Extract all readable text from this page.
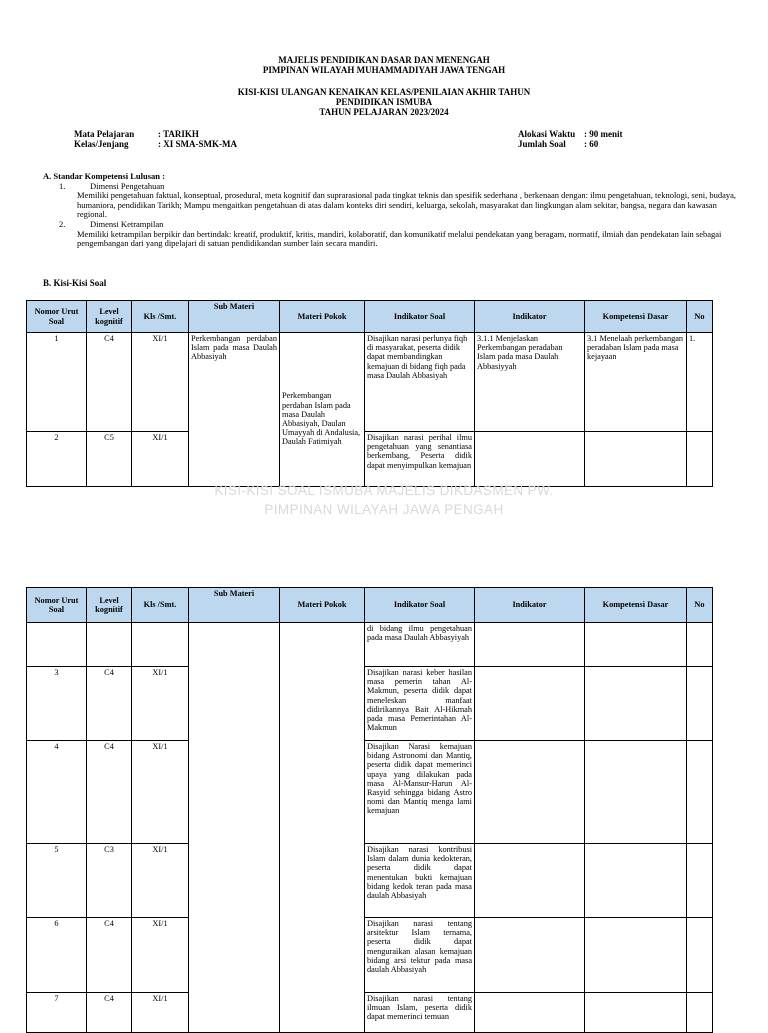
MAJELIS PENDIDIKAN DASAR DAN MENENGAH
PIMPINAN WILAYAH MUHAMMADIYAH JAWA TENGAH
KISI-KISI ULANGAN KENAIKAN KELAS/PENILAIAN AKHIR TAHUN
PENDIDIKAN ISMUBA
TAHUN PELAJARAN 2023/2024
Mata Pelajaran	: TARIKH
Kelas/Jenjang	: XI SMA-SMK-MA
Alokasi Waktu : 90 menit
Jumlah Soal	: 60
A. Standar Kompetensi Lulusan :
1.	Dimensi Pengetahuan
Memiliki pengetahuan faktual, konseptual, prosedural, meta kognitif dan suprarasional pada tingkat teknis dan spesifik sederhana , berkenaan dengan: ilmu pengetahuan, teknologi, seni, budaya, humaniora, pendidikan Tarikh; Mampu mengaitkan pengetahuan di atas dalam konteks diri sendiri, keluarga, sekolah, masyarakat dan lingkungan alam sekitar, bangsa, negara dan kawasan regional.
2.	Dimensi Ketrampilan
Memiliki ketrampilan berpikir dan bertindak: kreatif, produktif, kritis, mandiri, kolaboratif, dan komunikatif melalui pendekatan yang beragam, normatif, ilmiah dan pendekatan lain sebagai pengembangan dari yang dipelajari di satuan pendidikandan sumber lain secara mandiri.
B. Kisi-Kisi Soal
Nomor Urut Soal	Level kognitif	Kls /Smt.	Sub Materi	Materi Pokok	Indikator Soal	Indikator	Kompetensi Dasar	No
1	C4	XI/1	Perkembangan perdaban Islam pada masa Daulah Abbasiyah	Perkembangan perdaban Islam pada masa Daulah Abbasiyah, Daulan Umayyah di Andalusia, Daulah Fatimiyah	Disajikan narasi perlunya fiqh di masyarakat, peserta didik dapat membandingkan kemajuan di bidang fiqh pada masa Daulah Abbasiyah	3.1.1 Menjelaskan Perkembangan peradaban Islam pada masa Daulah Abbasiyyah	3.1 Menelaah perkembangan peradaban Islam pada masa kejayaan	1.
2	C5	XI/1			Disajikan narasi perihal ilmu pengetahuan yang senantiasa berkembang, Peserta didik dapat menyimpulkan kemajuan			

KISI-KISI SOAL ISMUBA MAJELIS DIKDASMEN PW.
PIMPINAN WILAYAH JAWA PENGAH
Nomor Urut Soal	Level kognitif	Kls /Smt.	Sub Materi	Materi Pokok	Indikator Soal	Indikator	Kompetensi Dasar	No
					di bidang ilmu pengetahuan pada masa Daulah Abbasyiyah			
3	C4	XI/1			Disajikan narasi keber hasilan masa pemerin tahan Al-Makmun, peserta didik dapat meneleskan manfaat didirikannya Bait Al-Hikmah pada masa Pemerintahan Al-Makmun			
4	C4	XI/1			Disajikan Narasi kemajuan bidang Astronomi dan Mantiq, peserta didik dapat memerinci upaya yang dilakukan pada masa Al-Mansur-Harun Al-Rasyid sehingga bidang Astro nomi dan Mantiq menga lami kemajuan			
5	C3	XI/1			Disajikan narasi kontribusi Islam dalam dunia kedokteran, peserta didik dapat menentukan bukti kemajuan bidang kedok teran pada masa daulah Abbasiyah			
6	C4	XI/1			Disajikan narasi tentang arsitektur Islam ternama, peserta didik dapat menguraikan alasan kemajuan bidang arsi tektur pada masa daulah Abbasiyah			
7	C4	XI/1			Disajikan narasi tentang ilmuan Islam, peserta didik dapat memerinci temuan			
